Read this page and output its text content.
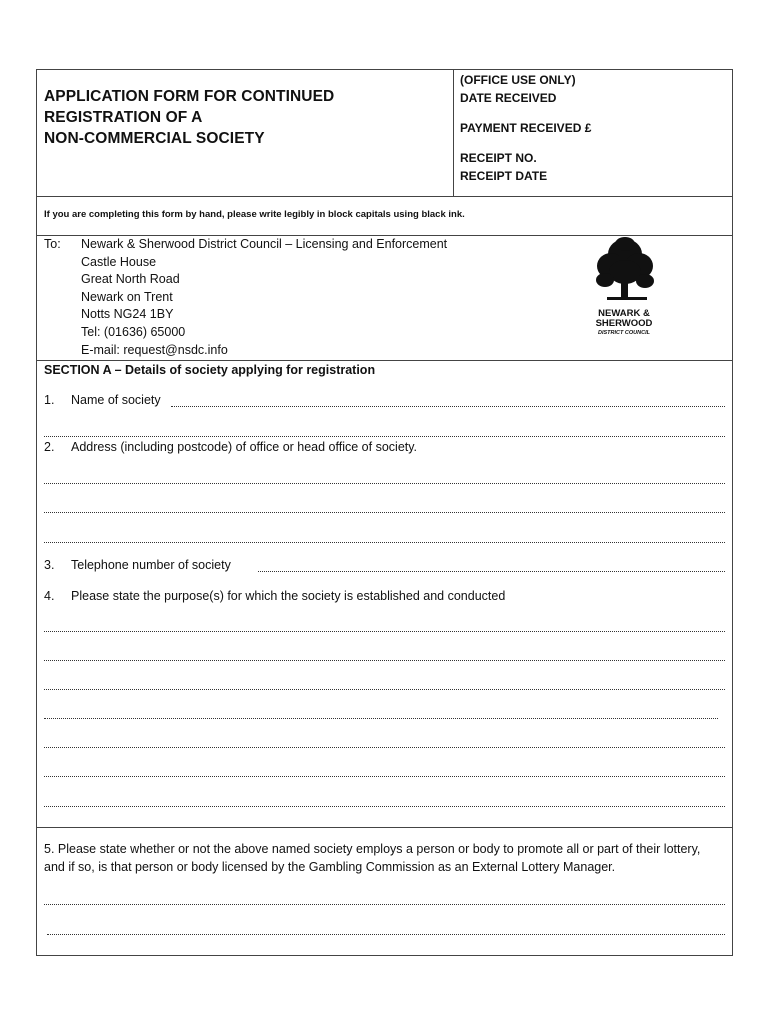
APPLICATION FORM FOR CONTINUED
REGISTRATION OF A
NON-COMMERCIAL SOCIETY
(OFFICE USE ONLY)
DATE RECEIVED
PAYMENT RECEIVED £
RECEIPT NO.
RECEIPT DATE
If you are completing this form by hand, please write legibly in block capitals using black ink.
To: Newark & Sherwood District Council – Licensing and Enforcement
Castle House
Great North Road
Newark on Trent
Notts NG24 1BY
Tel: (01636) 65000
E-mail: request@nsdc.info
NEWARK &
SHERWOOD
DISTRICT COUNCIL
SECTION A – Details of society applying for registration
1. Name of society
2. Address (including postcode) of office or head office of society.
3. Telephone number of society
4. Please state the purpose(s) for which the society is established and conducted
5. Please state whether or not the above named society employs a person or body to promote all or part of their lottery, and if so, is that person or body licensed by the Gambling Commission as an External Lottery Manager.
